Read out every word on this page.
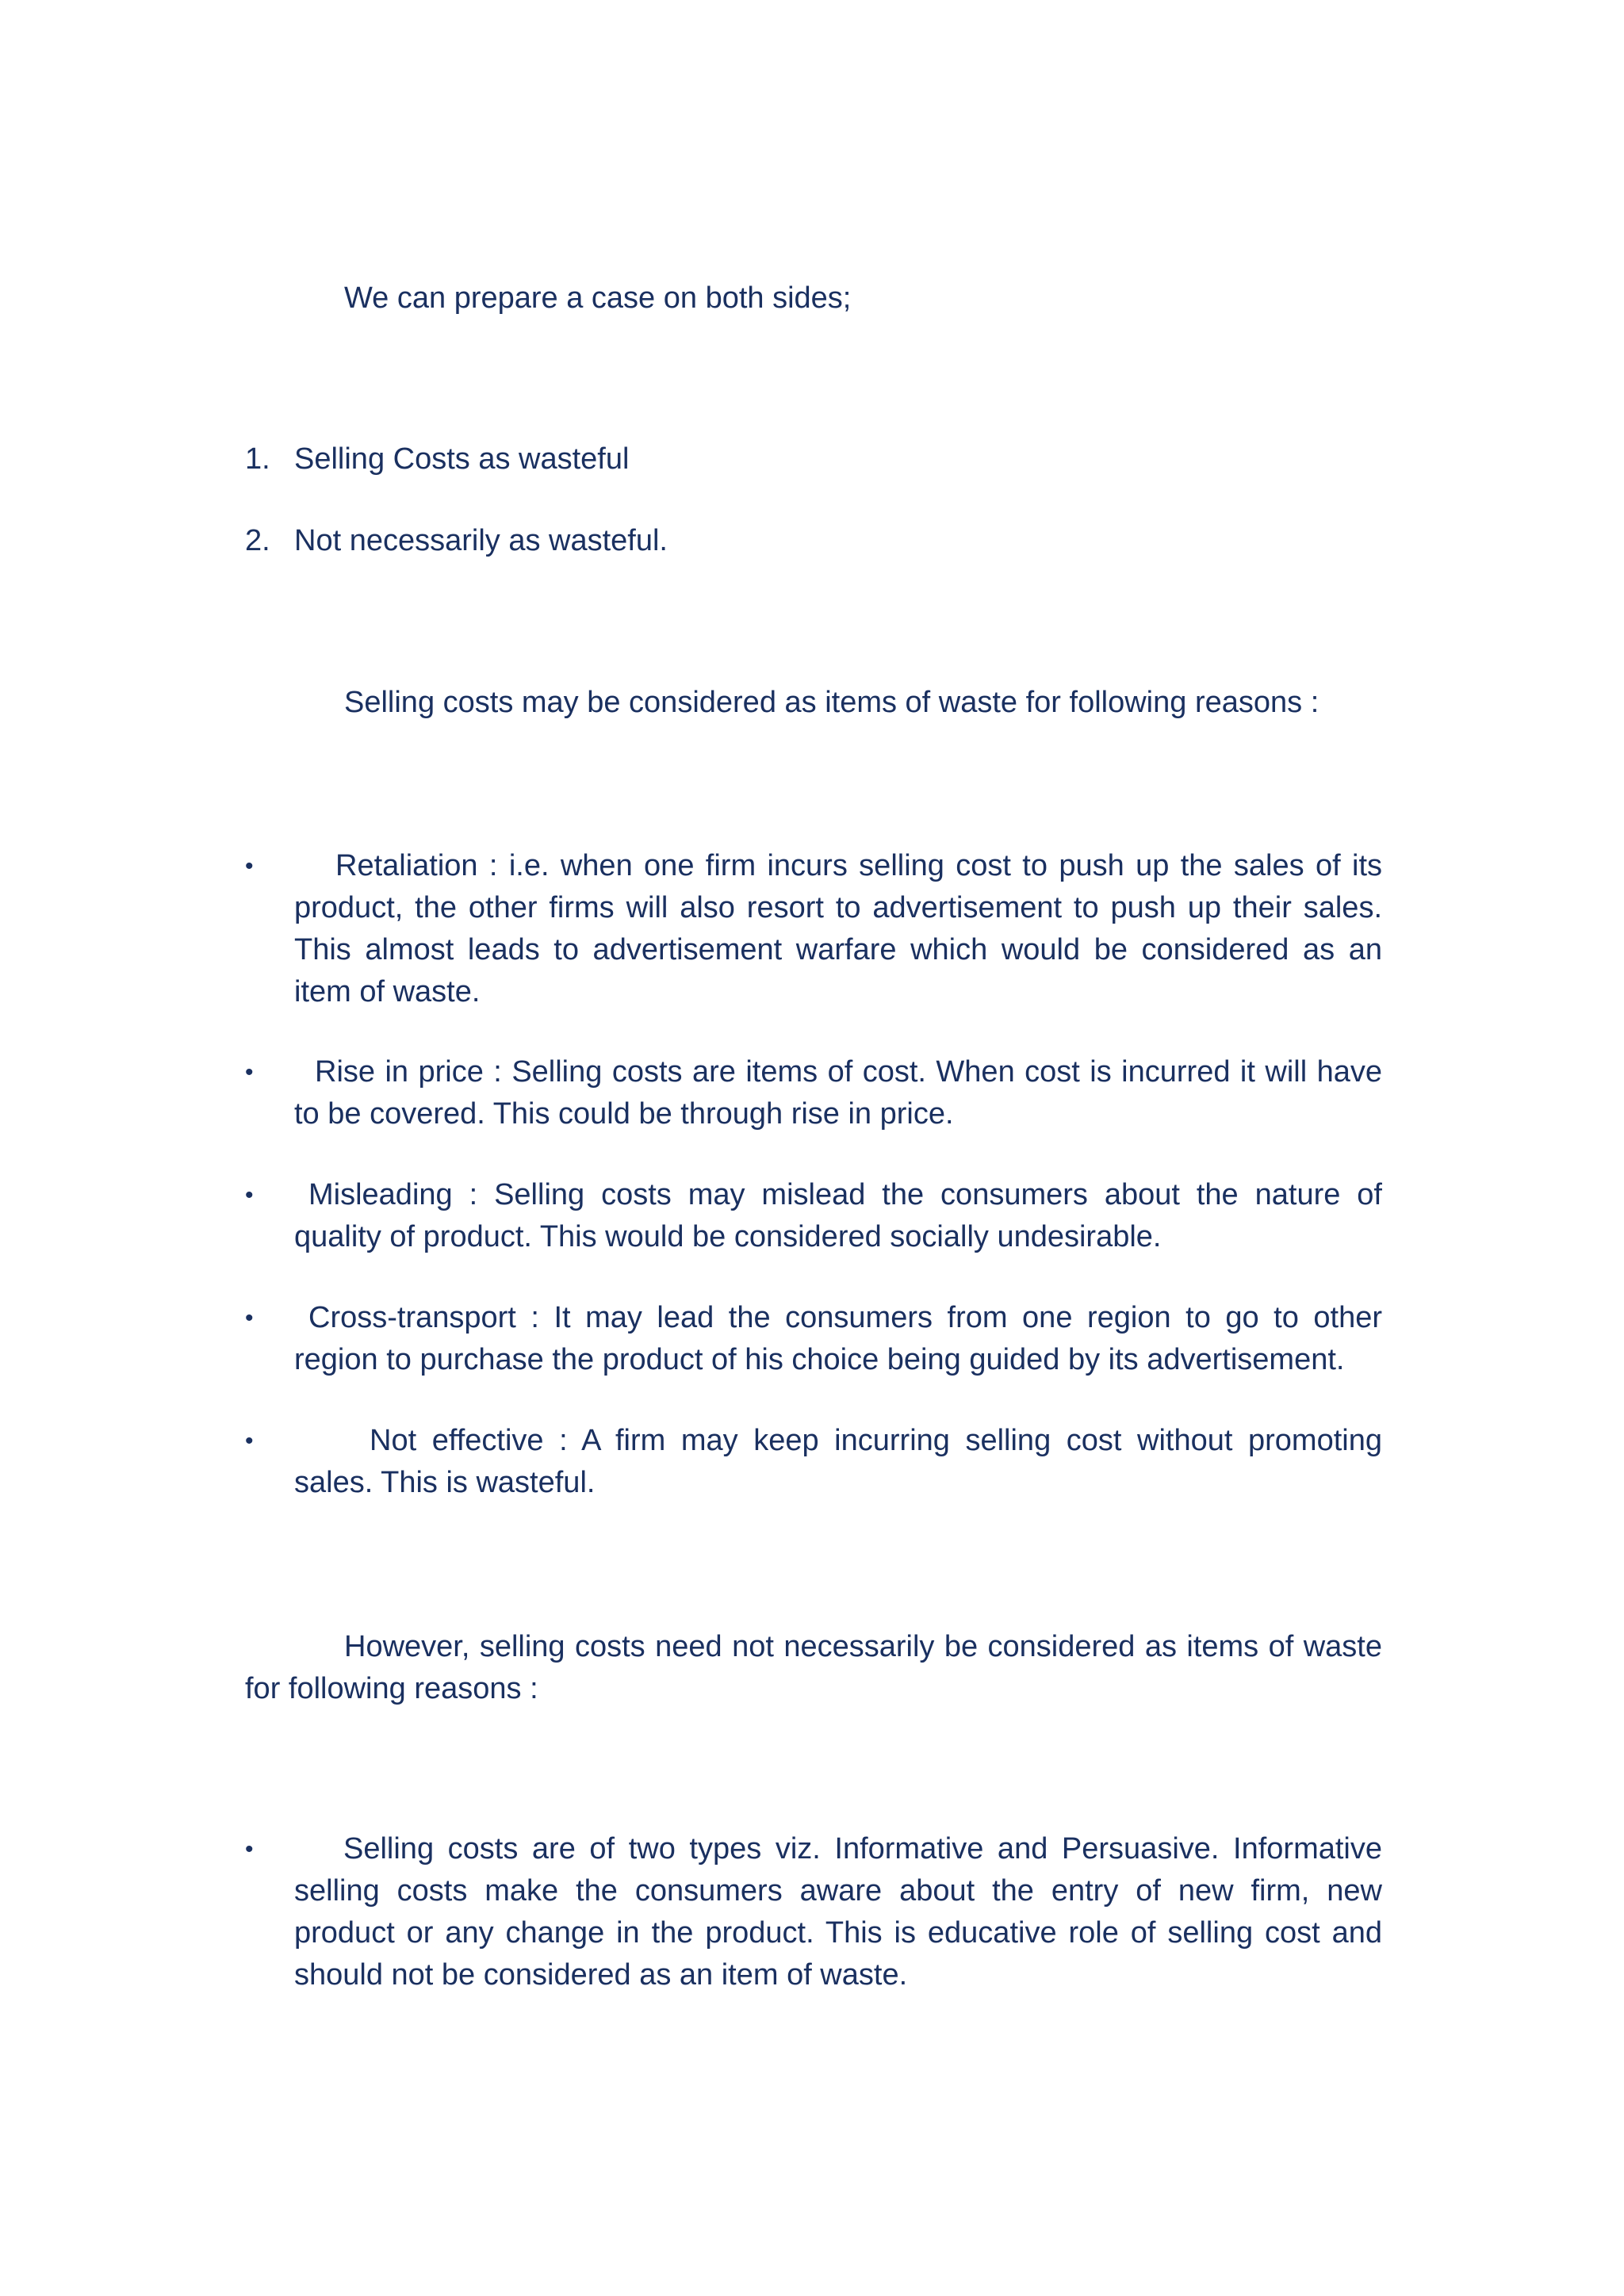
We can prepare a case on both sides;

1. Selling Costs as wasteful
2. Not necessarily as wasteful.

Selling costs may be considered as items of waste for following reasons :

•	Retaliation : i.e. when one firm incurs selling cost to push up the sales of its product, the other firms will also resort to advertisement to push up their sales. This almost leads to advertisement warfare which would be considered as an item of waste.
•	Rise in price : Selling costs are items of cost. When cost is incurred it will have to be covered. This could be through rise in price.
•	Misleading : Selling costs may mislead the consumers about the nature of quality of product. This would be considered socially undesirable.
•	Cross-transport : It may lead the consumers from one region to go to other region to purchase the product of his choice being guided by its advertisement.
•	Not effective : A firm may keep incurring selling cost without promoting sales. This is wasteful.

However, selling costs need not necessarily be considered as items of waste for following reasons :

•	Selling costs are of two types viz. Informative and Persuasive. Informative selling costs make the consumers aware about the entry of new firm, new product or any change in the product. This is educative role of selling cost and should not be considered as an item of waste.
